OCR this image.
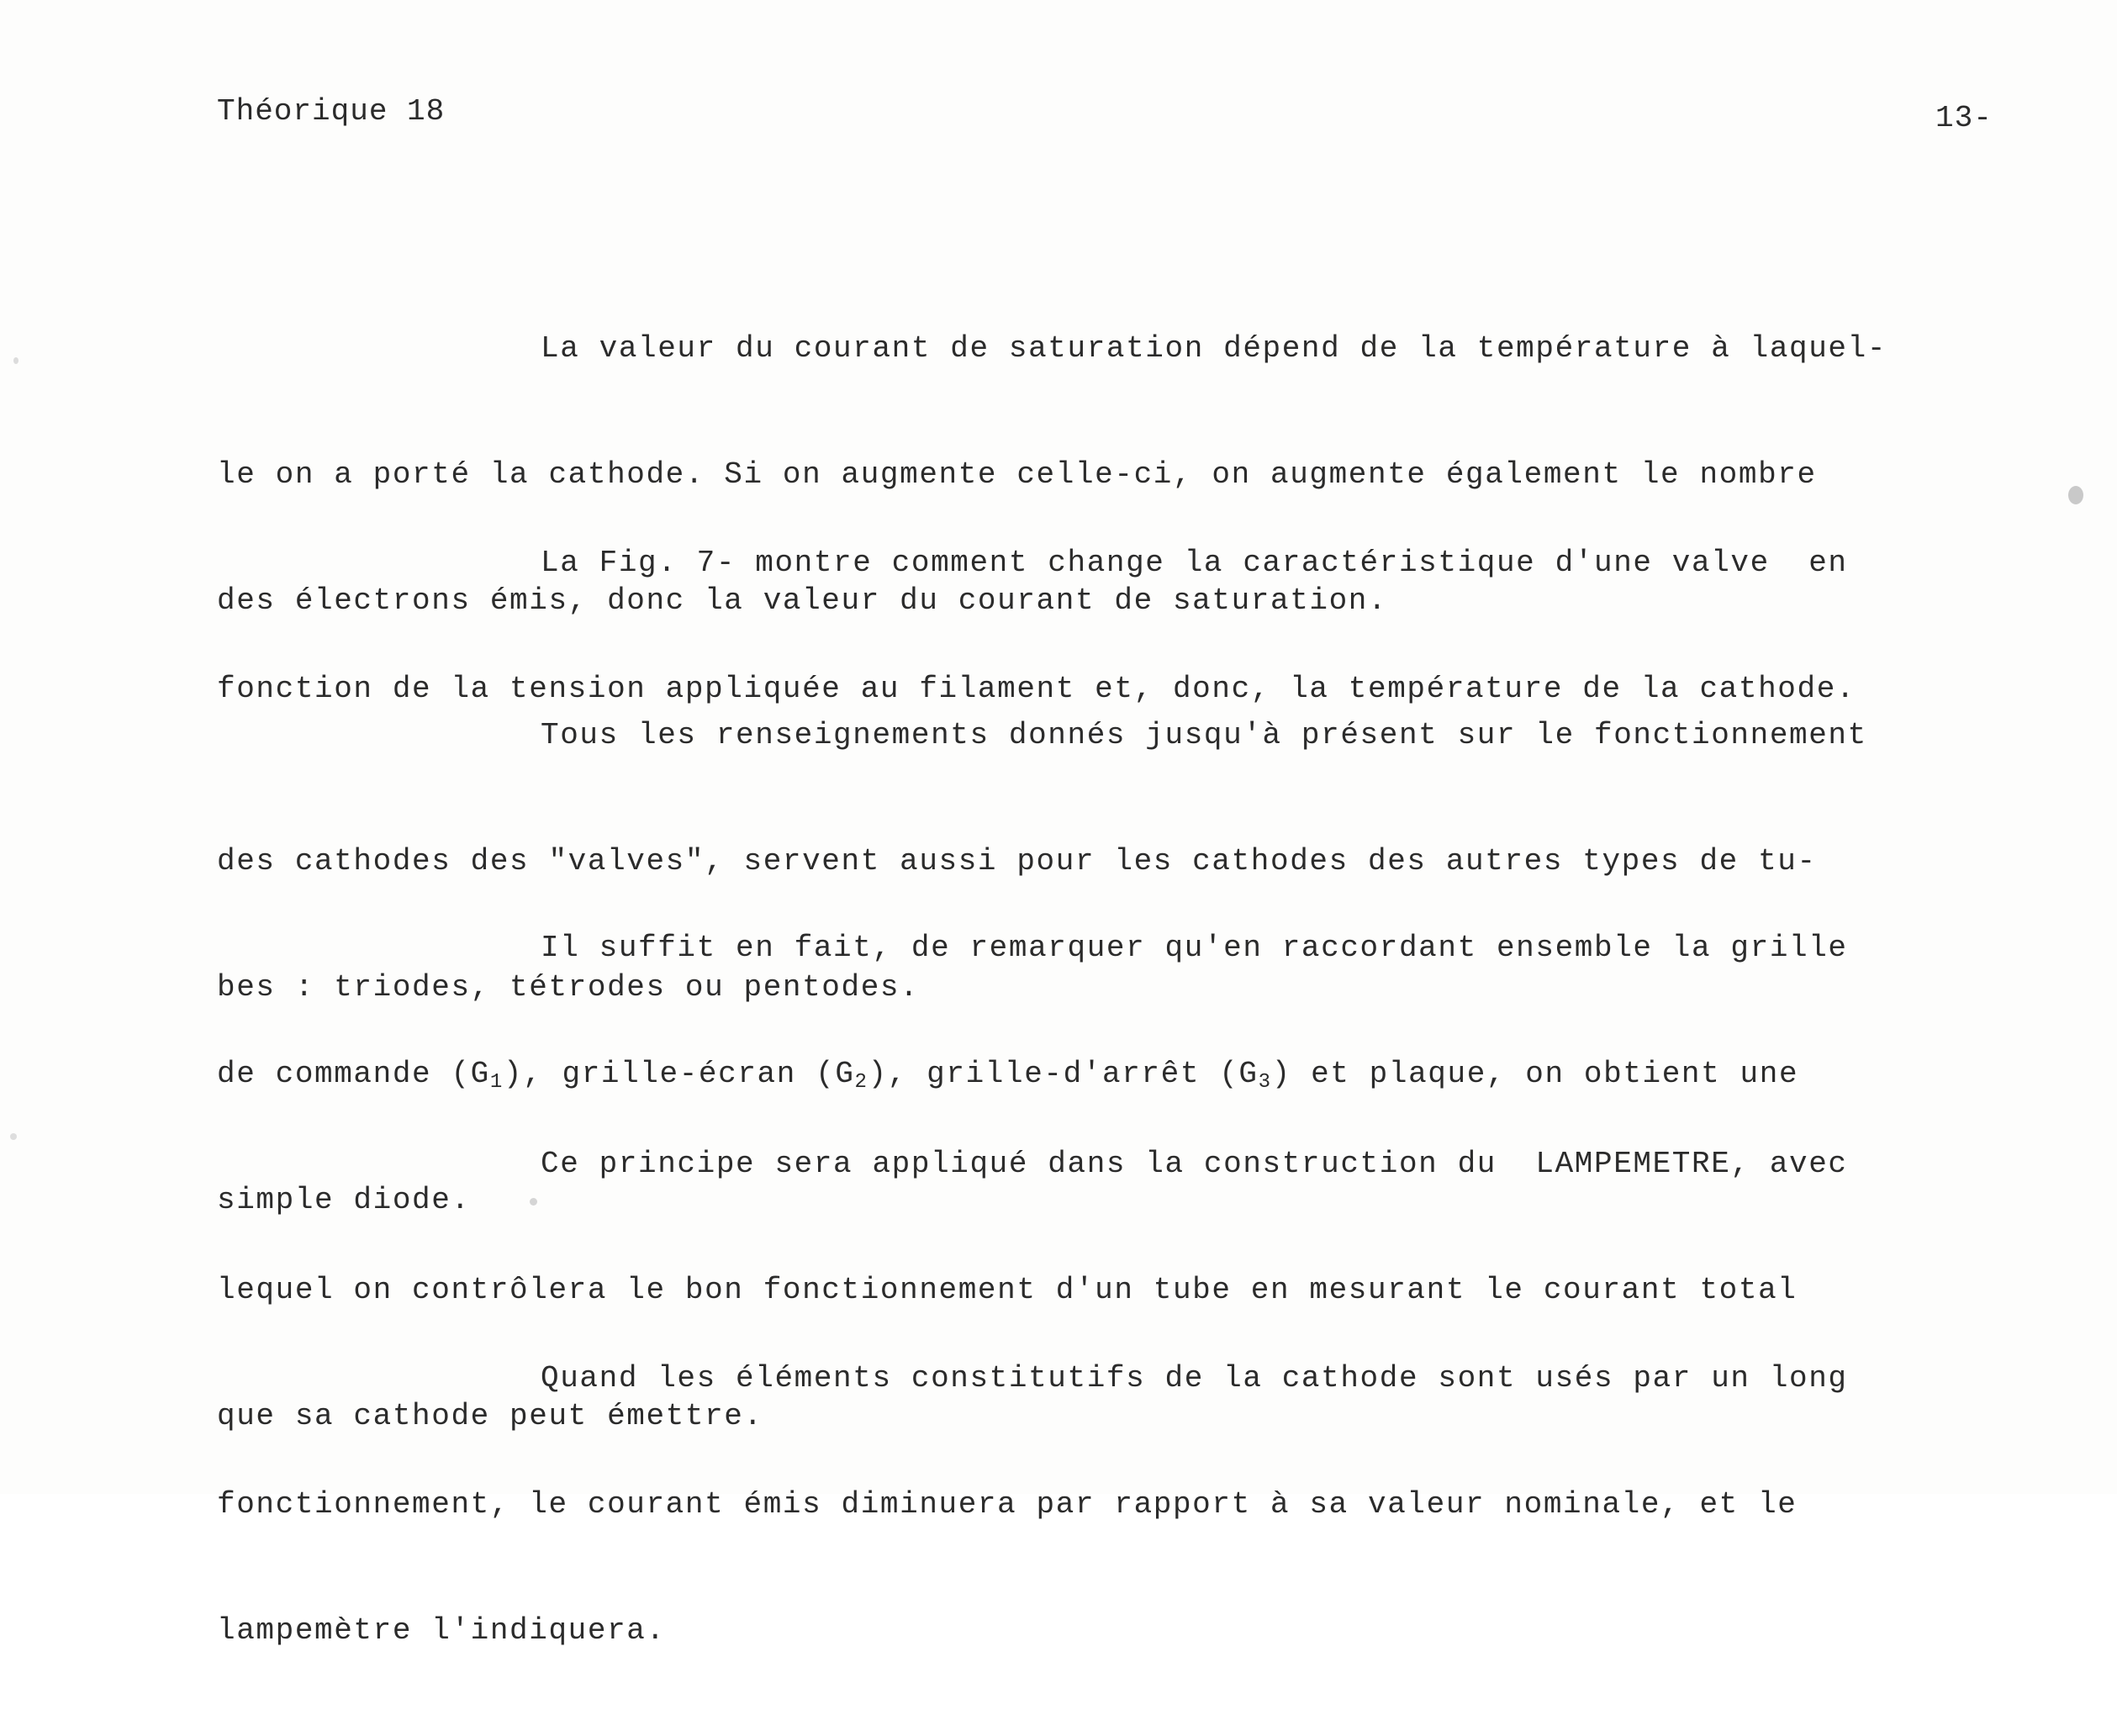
Théorique 18	13-

La valeur du courant de saturation dépend de la température à laquel-

le on a porté la cathode. Si on augmente celle-ci, on augmente également le nombre

des électrons émis, donc la valeur du courant de saturation.

La Fig. 7- montre comment change la caractéristique d'une valve  en

fonction de la tension appliquée au filament et, donc, la température de la cathode.

Tous les renseignements donnés jusqu'à présent sur le fonctionnement

des cathodes des "valves", servent aussi pour les cathodes des autres types de tu-

bes : triodes, tétrodes ou pentodes.

Il suffit en fait, de remarquer qu'en raccordant ensemble la grille

de commande $(G_1)$, grille-écran $(G_2)$, grille-d'arrêt $(G_3)$ et plaque, on obtient une

simple diode.

Ce principe sera appliqué dans la construction du  LAMPEMETRE, avec

lequel on contrôlera le bon fonctionnement d'un tube en mesurant le courant total

que sa cathode peut émettre.

Quand les éléments constitutifs de la cathode sont usés par un long

fonctionnement, le courant émis diminuera par rapport à sa valeur nominale, et le

lampemètre l'indiquera.
